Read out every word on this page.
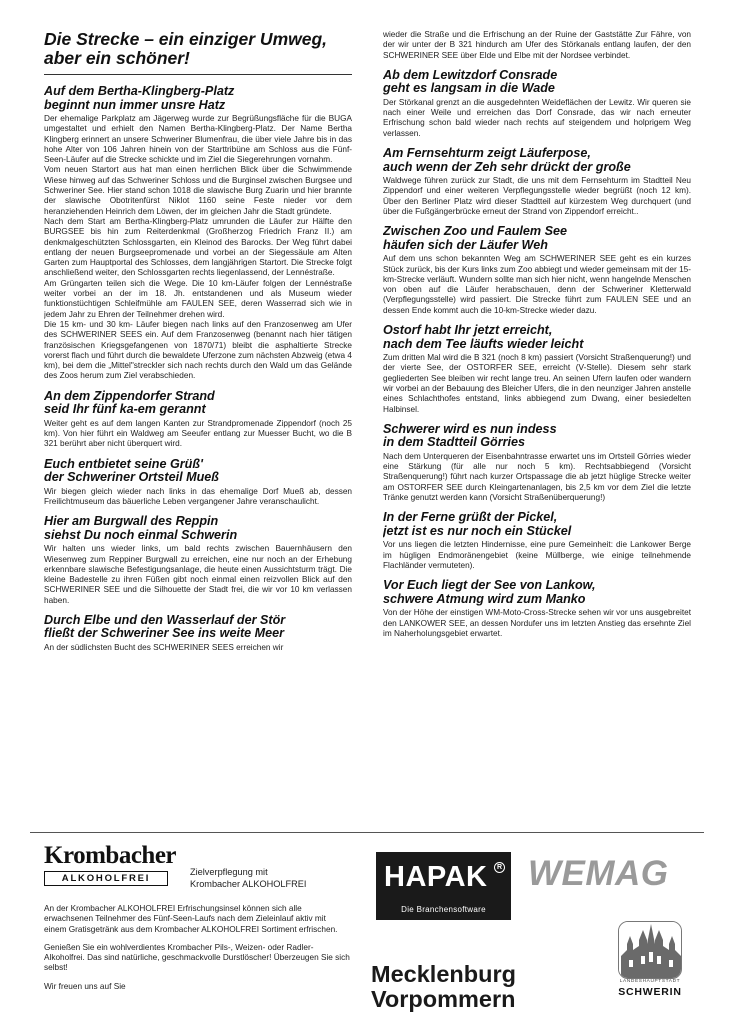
Die Strecke – ein einziger Umweg, aber ein schöner!
Auf dem Bertha-Klingberg-Platz
beginnt nun immer unsre Hatz

Der ehemalige Parkplatz am Jägerweg wurde zur Begrüßungsfläche für die BUGA umgestaltet und erhielt den Namen Bertha-Klingberg-Platz. Der Name Bertha Klingberg erinnert an unsere Schweriner Blumenfrau, die über viele Jahre bis in das hohe Alter von 106 Jahren hinein von der Starttribüne am Schloss aus die Fünf-Seen-Läufer auf die Strecke schickte und im Ziel die Siegerehrungen vornahm.

Vom neuen Startort aus hat man einen herrlichen Blick über die Schwimmende Wiese hinweg auf das Schweriner Schloss und die Burginsel zwischen Burgsee und Schweriner See. Hier stand schon 1018 die slawische Burg Zuarin und hier brannte der slawische Obotritenfürst Niklot 1160 seine Feste nieder vor dem heranziehenden Heinrich dem Löwen, der im gleichen Jahr die Stadt gründete.

Nach dem Start am Bertha-Klingberg-Platz umrunden die Läufer zur Hälfte den BURGSEE bis hin zum Reiterdenkmal (Großherzog Friedrich Franz II.) am denkmalgeschützten Schlossgarten, ein Kleinod des Barocks. Der Weg führt dabei entlang der neuen Burgseepromenade und vorbei an der Siegessäule am Alten Garten zum Hauptportal des Schlosses, dem langjährigen Startort. Die Strecke folgt anschließend weiter, den Schlossgarten rechts liegenlassend, der Lennéstraße.

Am Grüngarten teilen sich die Wege. Die 10 km-Läufer folgen der Lennéstraße weiter vorbei an der im 18. Jh. entstandenen und als Museum wieder funktionstüchtigen Schleifmühle am FAULEN SEE, deren Wasserrad sich wie in jedem Jahr zu Ehren der Teilnehmer drehen wird.

Die 15 km- und 30 km- Läufer biegen nach links auf den Franzosenweg am Ufer des SCHWERINER SEES ein. Auf dem Franzosenweg (benannt nach hier tätigen französischen Kriegsgefangenen von 1870/71) bleibt die asphaltierte Strecke vorerst flach und führt durch die bewaldete Uferzone zum nächsten Abzweig (etwa 4 km), bei dem die „Mittel"streckler sich nach rechts durch den Wald um das Gelände des Zoos herum zum Ziel verabschieden.

An dem Zippendorfer Strand
seid Ihr fünf ka-em gerannt

Weiter geht es auf dem langen Kanten zur Strandpromenade Zippendorf (noch 25 km). Von hier führt ein Waldweg am Seeufer entlang zur Muesser Bucht, wo die B 321 berührt aber nicht überquert wird.

Euch entbietet seine Grüß'
der Schweriner Ortsteil Mueß

Wir biegen gleich wieder nach links in das ehemalige Dorf Mueß ab, dessen Freilichtmuseum das bäuerliche Leben vergangener Jahre veranschaulicht.

Hier am Burgwall des Reppin
siehst Du noch einmal Schwerin

Wir halten uns wieder links, um bald rechts zwischen Bauernhäusern den Wiesenweg zum Reppiner Burgwall zu erreichen, eine nur noch an der Erhebung erkennbare slawische Befestigungsanlage, die heute einen Aussichtsturm trägt. Die kleine Badestelle zu ihren Füßen gibt noch einmal einen reizvollen Blick auf den SCHWERINER SEE und die Silhouette der Stadt frei, die wir vor 10 km verlassen haben.

Durch Elbe und den Wasserlauf der Stör
fließt der Schweriner See ins weite Meer

An der südlichsten Bucht des SCHWERINER SEES erreichen wir

wieder die Straße und die Erfrischung an der Ruine der Gaststätte Zur Fähre, von der wir unter der B 321 hindurch am Ufer des Störkanals entlang laufen, der den SCHWERINER SEE über Elde und Elbe mit der Nordsee verbindet.

Ab dem Lewitzdorf Consrade
geht es langsam in die Wade

Der Störkanal grenzt an die ausgedehnten Weideflächen der Lewitz. Wir queren sie nach einer Weile und erreichen das Dorf Consrade, das wir nach erneuter Erfrischung schon bald wieder nach rechts auf steigendem und holprigem Weg verlassen.

Am Fernsehturm zeigt Läuferpose,
auch wenn der Zeh sehr drückt der große

Waldwege führen zurück zur Stadt, die uns mit dem Fernsehturm im Stadtteil Neu Zippendorf und einer weiteren Verpflegungsstelle wieder begrüßt (noch 12 km). Über den Berliner Platz wird dieser Stadtteil auf kürzestem Weg durchquert (und über die Fußgängerbrücke erneut der Strand von Zippendorf erreicht..

Zwischen Zoo und Faulem See
häufen sich der Läufer Weh

Auf dem uns schon bekannten Weg am SCHWERINER SEE geht es ein kurzes Stück zurück, bis der Kurs links zum Zoo abbiegt und wieder gemeinsam mit der 15-km-Strecke verläuft. Wundern sollte man sich hier nicht, wenn hangelnde Menschen von oben auf die Läufer herabschauen, denn der Schweriner Kletterwald (Verpflegungsstelle) wird passiert. Die Strecke führt zum FAULEN SEE und an dessen Ende kommt auch die 10-km-Strecke wieder dazu.

Ostorf habt Ihr jetzt erreicht,
nach dem Tee läufts wieder leicht

Zum dritten Mal wird die B 321 (noch 8 km) passiert (Vorsicht Straßenquerung!) und der vierte See, der OSTORFER SEE, erreicht (V-Stelle). Diesem sehr stark gegliederten See bleiben wir recht lange treu. An seinen Ufern laufen oder wandern wir vorbei an der Bebauung des Bleicher Ufers, die in den neunziger Jahren anstelle eines Schlachthofes entstand, links abbiegend zum Dwang, einer besiedelten Halbinsel.

Schwerer wird es nun indess
in dem Stadtteil Görries

Nach dem Unterqueren der Eisenbahntrasse erwartet uns im Ortsteil Görries wieder eine Stärkung (für alle nur noch 5 km). Rechtsabbiegend (Vorsicht Straßenquerung!) führt nach kurzer Ortspassage die ab jetzt hüglige Strecke weiter am OSTORFER SEE durch Kleingartenanlagen, bis 2,5 km vor dem Ziel die letzte Tränke genutzt werden kann (Vorsicht Straßenüberquerung!)

In der Ferne grüßt der Pickel,
jetzt ist es nur noch ein Stückel

Vor uns liegen die letzten Hindernisse, eine pure Gemeinheit: die Lankower Berge im hügligen Endmoränengebiet (keine Müllberge, wie einige teilnehmende Flachländer vermuteten).

Vor Euch liegt der See von Lankow,
schwere Atmung wird zum Manko

Von der Höhe der einstigen WM-Moto-Cross-Strecke sehen wir vor uns ausgebreitet den LANKOWER SEE, an dessen Nordufer uns im letzten Anstieg das ersehnte Ziel im Naherholungsgebiet erwartet.

Krombacher
ALKOHOLFREI
Zielverpflegung mit
Krombacher ALKOHOLFREI

An der Krombacher ALKOHOLFREI Erfrischungsinsel können sich alle erwachsenen Teilnehmer des Fünf-Seen-Laufs nach dem Zieleinlauf aktiv mit einem Gratisgetränk aus dem Krombacher ALKOHOLFREI Sortiment erfrischen.

Genießen Sie ein wohlverdientes Krombacher Pils-, Weizen- oder Radler-Alkoholfrei. Das sind natürliche, geschmackvolle Durstlöscher! Überzeugen Sie sich selbst!

Wir freuen uns auf Sie

HAPAK	R
Die Branchensoftware
WEMAG
Mecklenburg
Vorpommern
LANDESHAUPTSTADT
SCHWERIN
